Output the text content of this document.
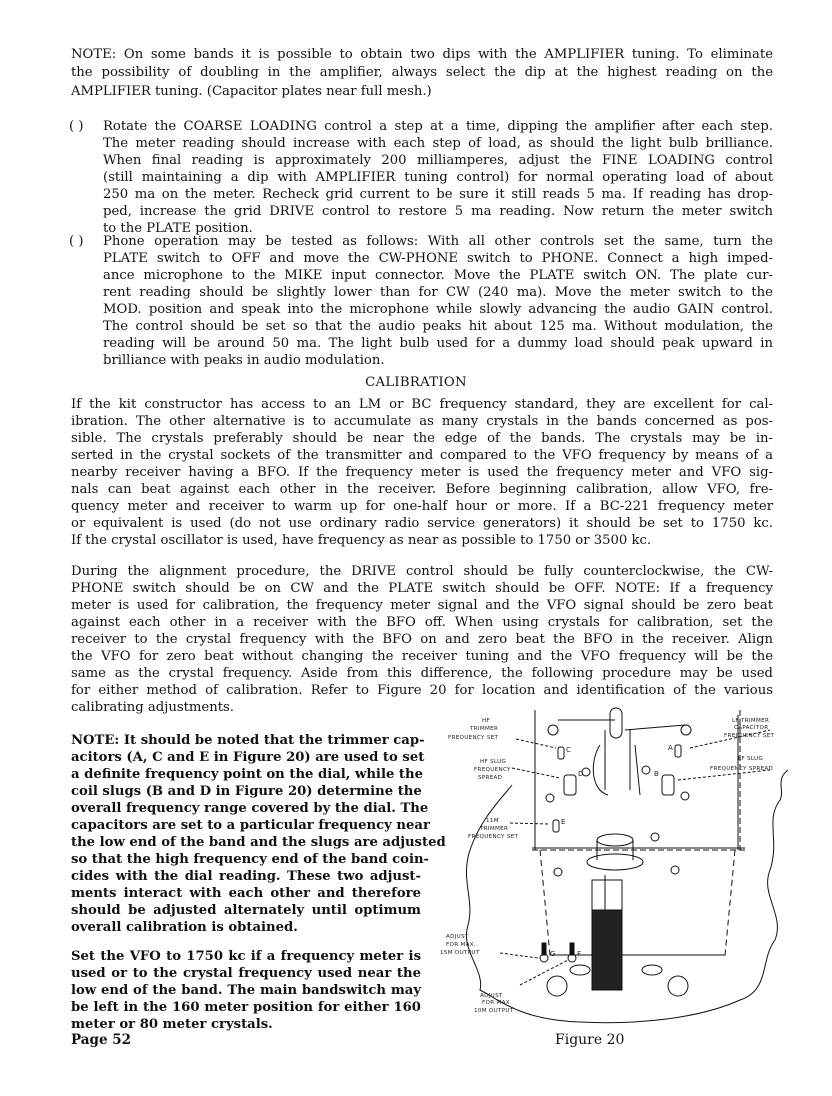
NOTE: On some bands it is possible to obtain two dips with the AMPLIFIER tuning. To eliminate
the possibility of doubling in the amplifier, always select the dip at the highest reading on the
AMPLIFIER tuning. (Capacitor plates near full mesh.)
( ) Rotate the COARSE LOADING control a step at a time, dipping the amplifier after each step.
The meter reading should increase with each step of load, as should the light bulb brilliance.
When final reading is approximately 200 milliamperes, adjust the FINE LOADING control
(still maintaining a dip with AMPLIFIER tuning control) for normal operating load of about
250 ma on the meter. Recheck grid current to be sure it still reads 5 ma. If reading has drop-
ped, increase the grid DRIVE control to restore 5 ma reading. Now return the meter switch
to the PLATE position.
( ) Phone operation may be tested as follows: With all other controls set the same, turn the
PLATE switch to OFF and move the CW-PHONE switch to PHONE. Connect a high imped-
ance microphone to the MIKE input connector. Move the PLATE switch ON. The plate cur-
rent reading should be slightly lower than for CW (240 ma). Move the meter switch to the
MOD. position and speak into the microphone while slowly advancing the audio GAIN control.
The control should be set so that the audio peaks hit about 125 ma. Without modulation, the
reading will be around 50 ma. The light bulb used for a dummy load should peak upward in
brilliance with peaks in audio modulation.
CALIBRATION
If the kit constructor has access to an LM or BC frequency standard, they are excellent for cal-
ibration. The other alternative is to accumulate as many crystals in the bands concerned as pos-
sible. The crystals preferably should be near the edge of the bands. The crystals may be in-
serted in the crystal sockets of the transmitter and compared to the VFO frequency by means of a
nearby receiver having a BFO. If the frequency meter is used the frequency meter and VFO sig-
nals can beat against each other in the receiver. Before beginning calibration, allow VFO, fre-
quency meter and receiver to warm up for one-half hour or more. If a BC-221 frequency meter
or equivalent is used (do not use ordinary radio service generators) it should be set to 1750 kc.
If the crystal oscillator is used, have frequency as near as possible to 1750 or 3500 kc.
During the alignment procedure, the DRIVE control should be fully counterclockwise, the CW-
PHONE switch should be on CW and the PLATE switch should be OFF. NOTE: If a frequency
meter is used for calibration, the frequency meter signal and the VFO signal should be zero beat
against each other in a receiver with the BFO off. When using crystals for calibration, set the
receiver to the crystal frequency with the BFO on and zero beat the BFO in the receiver. Align
the VFO for zero beat without changing the receiver tuning and the VFO frequency will be the
same as the crystal frequency. Aside from this difference, the following procedure may be used
for either method of calibration. Refer to Figure 20 for location and identification of the various
calibrating adjustments.
NOTE: It should be noted that the trimmer cap-
acitors (A, C and E in Figure 20) are used to set
a definite frequency point on the dial, while the
coil slugs (B and D in Figure 20) determine the
overall frequency range covered by the dial. The
capacitors are set to a particular frequency near
the low end of the band and the slugs are adjusted
so that the high frequency end of the band coin-
cides with the dial reading. These two adjust-
ments interact with each other and therefore
should be adjusted alternately until optimum
overall calibration is obtained.
Set the VFO to 1750 kc if a frequency meter is
used or to the crystal frequency used near the
low end of the band. The main bandswitch may
be left in the 160 meter position for either 160
meter or 80 meter crystals.
HF
TRIMMER
FREQUENCY SET
HF SLUG
FREQUENCY
SPREAD
LF TRIMMER
CAPACITOR
FREQUENCY SET
LF SLUG
FREQUENCY SPREAD
11M
TRIMMER
FREQUENCY SET
ADJUST
FOR MAX.
15M OUTPUT
ADJUST
FOR MAX
10M OUTPUT
C	A
D	B
E
G	F
Page 52	Figure 20
